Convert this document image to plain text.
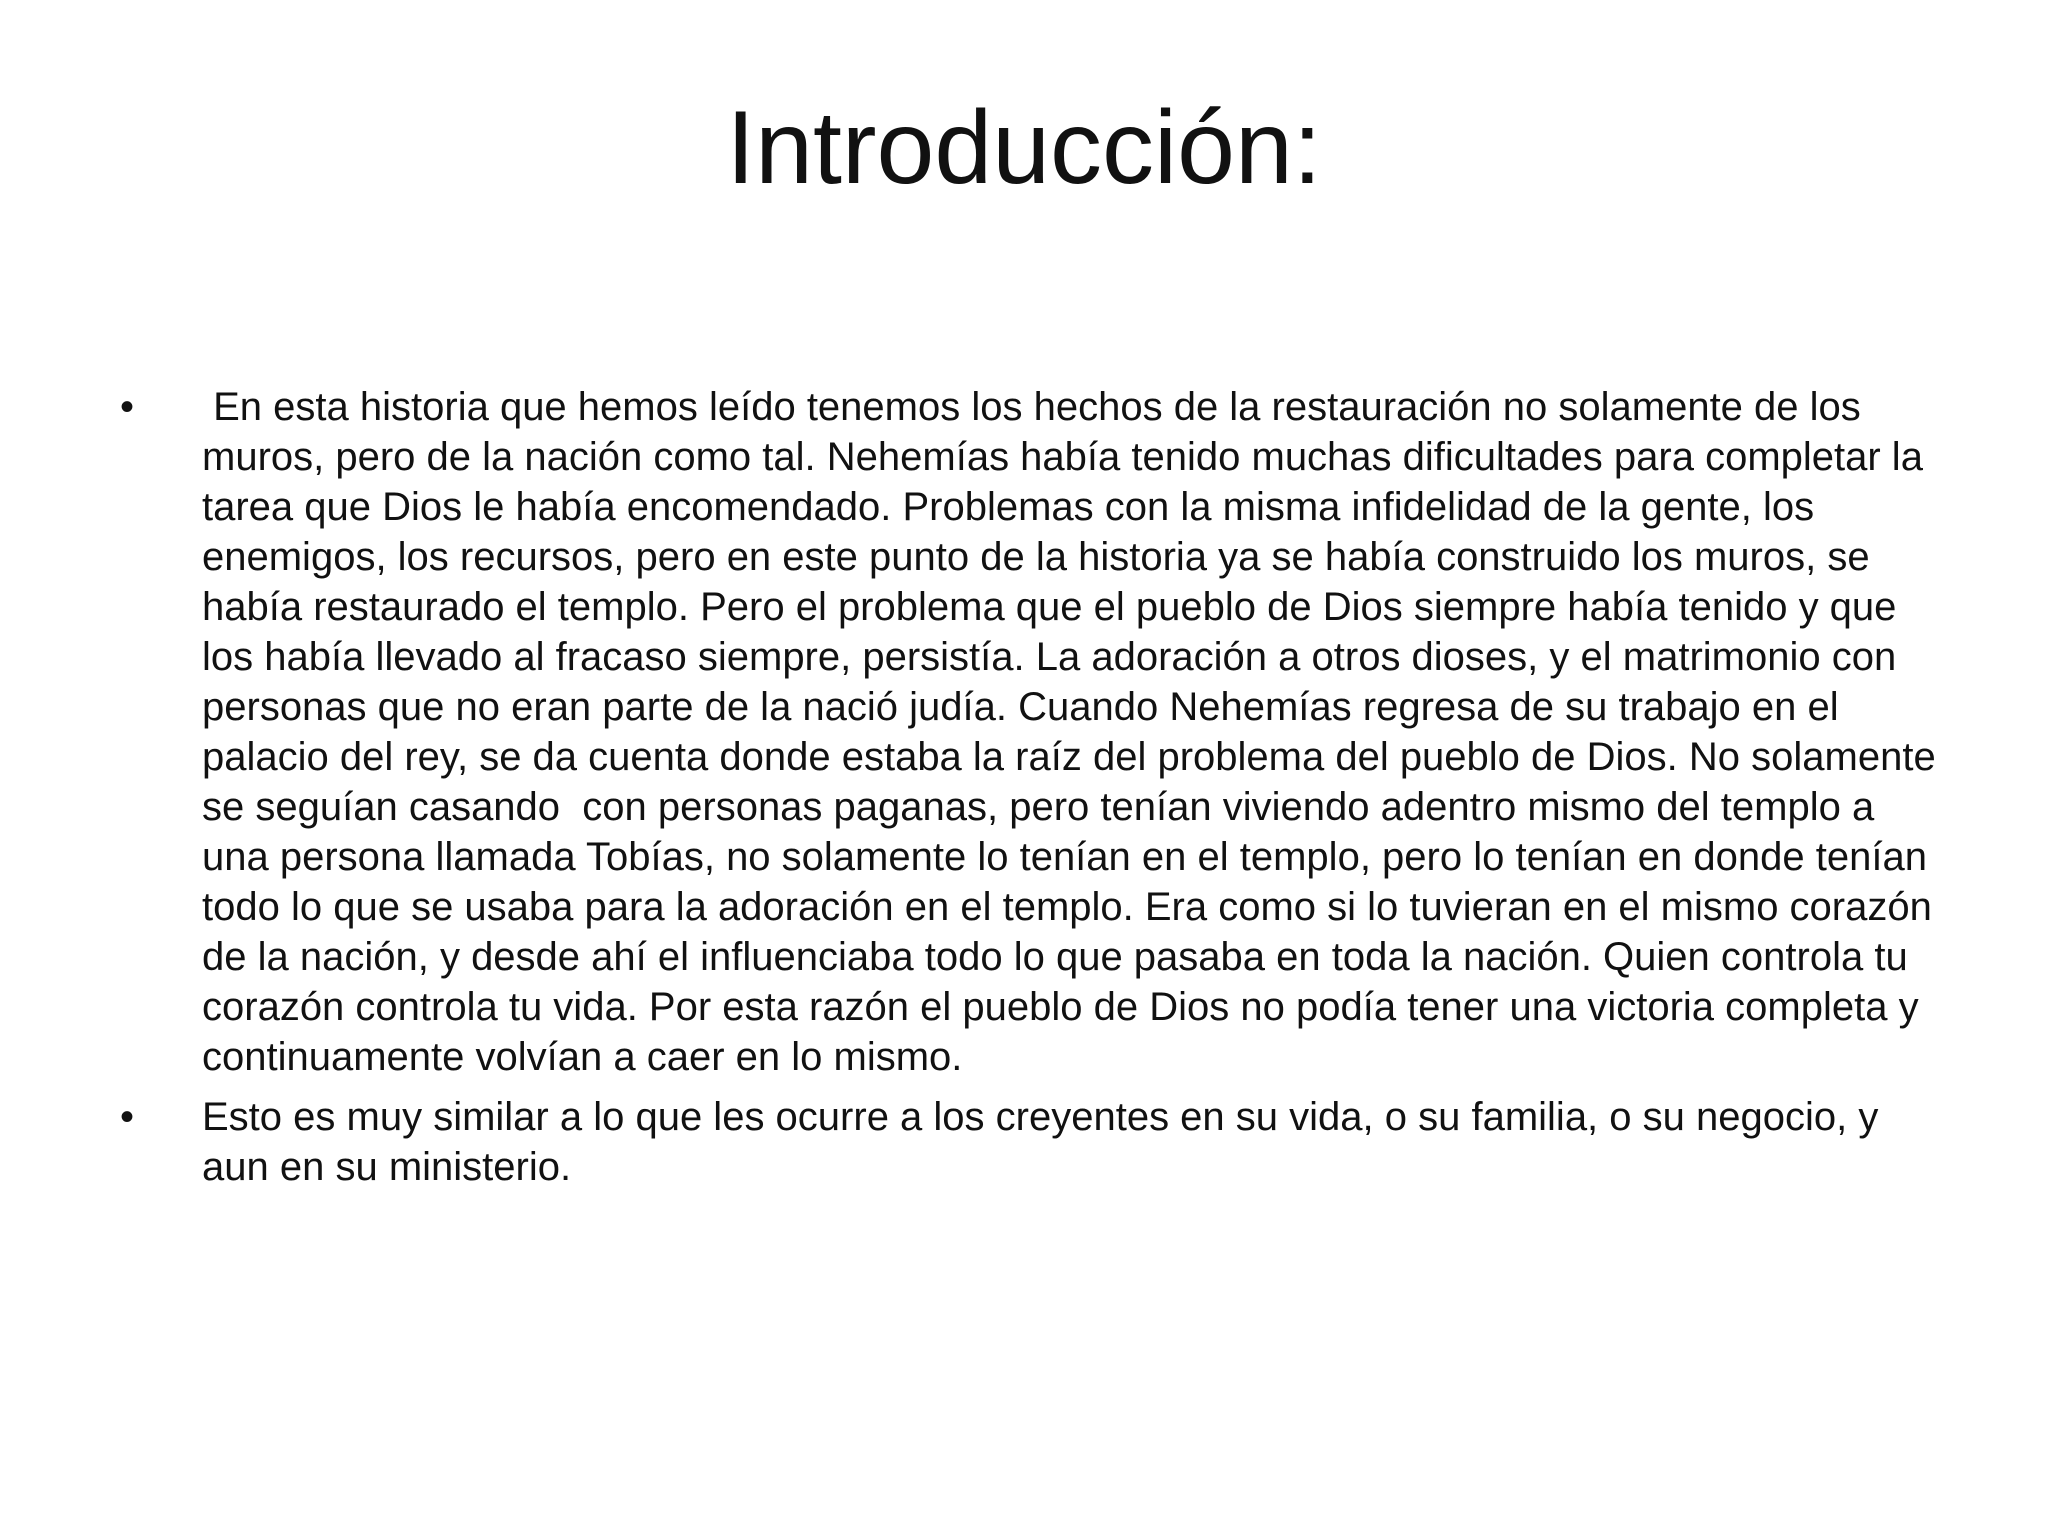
Introducción:
•	En esta historia que hemos leído tenemos los hechos de la restauración no solamente de los muros, pero de la nación como tal. Nehemías había tenido muchas dificultades para completar la tarea que Dios le había encomendado. Problemas con la misma infidelidad de la gente, los enemigos, los recursos, pero en este punto de la historia ya se había construido los muros, se había restaurado el templo. Pero el problema que el pueblo de Dios siempre había tenido y que los había llevado al fracaso siempre, persistía. La adoración a otros dioses, y el matrimonio con personas que no eran parte de la nació judía. Cuando Nehemías regresa de su trabajo en el palacio del rey, se da cuenta donde estaba la raíz del problema del pueblo de Dios. No solamente se seguían casando  con personas paganas, pero tenían viviendo adentro mismo del templo a una persona llamada Tobías, no solamente lo tenían en el templo, pero lo tenían en donde tenían todo lo que se usaba para la adoración en el templo. Era como si lo tuvieran en el mismo corazón de la nación, y desde ahí el influenciaba todo lo que pasaba en toda la nación. Quien controla tu corazón controla tu vida. Por esta razón el pueblo de Dios no podía tener una victoria completa y continuamente volvían a caer en lo mismo.
•	Esto es muy similar a lo que les ocurre a los creyentes en su vida, o su familia, o su negocio, y aun en su ministerio.
